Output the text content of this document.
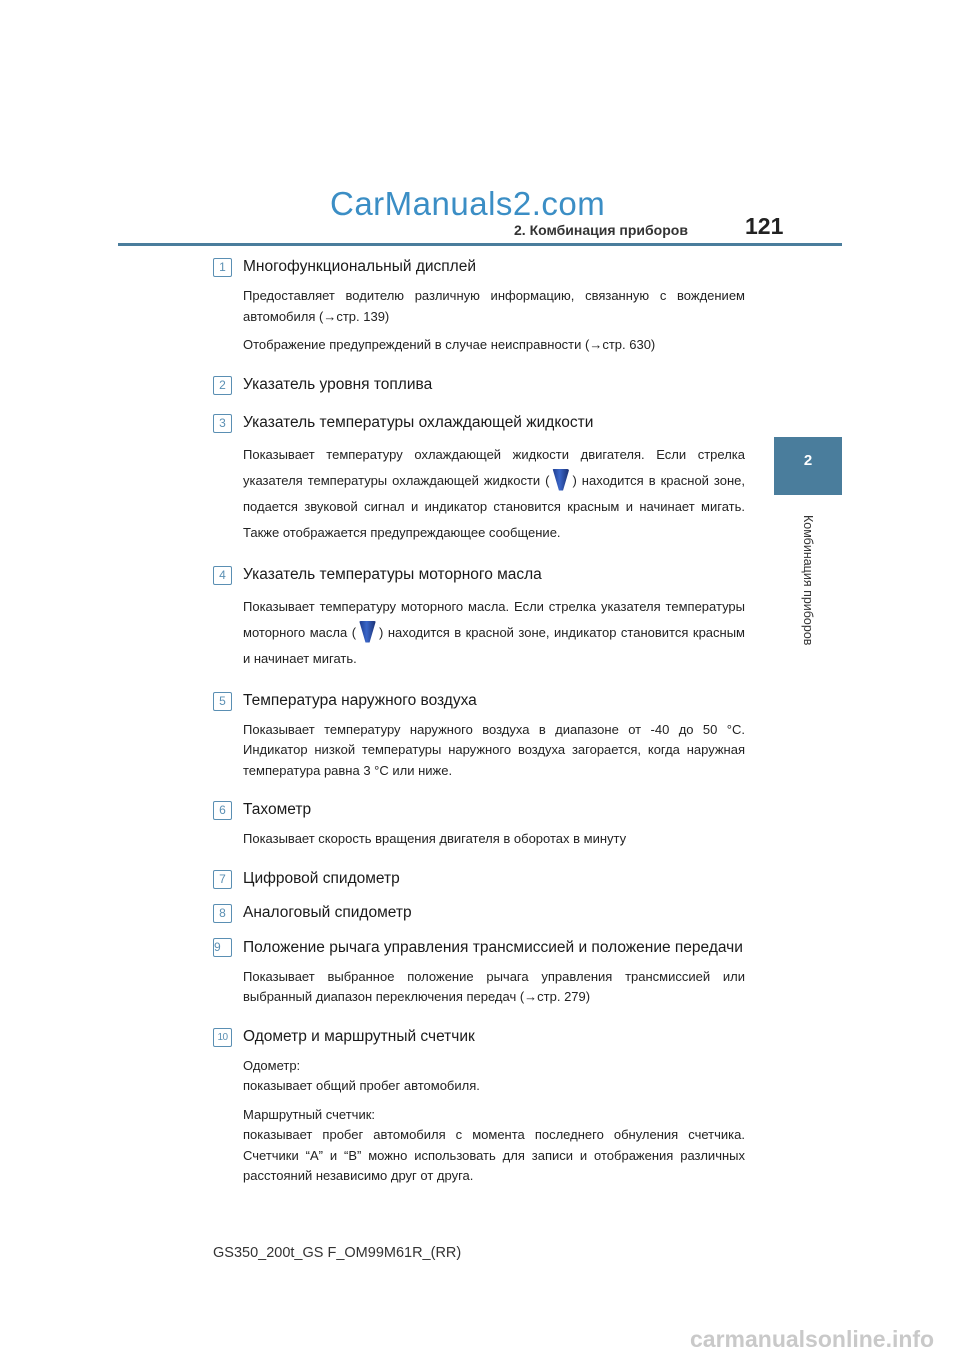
CarManuals2.com
2. Комбинация приборов	121
2
Комбинация приборов
1	Многофункциональный дисплей
Предоставляет водителю различную информацию, связанную с вождением автомобиля (→стр. 139)
Отображение предупреждений в случае неисправности (→стр. 630)
2	Указатель уровня топлива
3	Указатель температуры охлаждающей жидкости
Показывает температуру охлаждающей жидкости двигателя. Если стрелка указателя температуры охлаждающей жидкости ( ) находится в красной зоне, подается звуковой сигнал и индикатор становится красным и начинает мигать. Также отображается предупреждающее сообщение.
4	Указатель температуры моторного масла
Показывает температуру моторного масла. Если стрелка указателя температуры моторного масла ( ) находится в красной зоне, индикатор становится красным и начинает мигать.
5	Температура наружного воздуха
Показывает температуру наружного воздуха в диапазоне от -40 до 50 °C. Индикатор низкой температуры наружного воздуха загорается, когда наружная температура равна 3 °C или ниже.
6	Тахометр
Показывает скорость вращения двигателя в оборотах в минуту
7	Цифровой спидометр
8	Аналоговый спидометр
9	Положение рычага управления трансмиссией и положение передачи
Показывает выбранное положение рычага управления трансмиссией или выбранный диапазон переключения передач (→стр. 279)
10 Одометр и маршрутный счетчик
Одометр:
показывает общий пробег автомобиля.
Маршрутный счетчик:
показывает пробег автомобиля с момента последнего обнуления счетчика. Счетчики “A” и “B” можно использовать для записи и отображения различных расстояний независимо друг от друга.
GS350_200t_GS F_OM99M61R_(RR)
carmanualsonline.info
